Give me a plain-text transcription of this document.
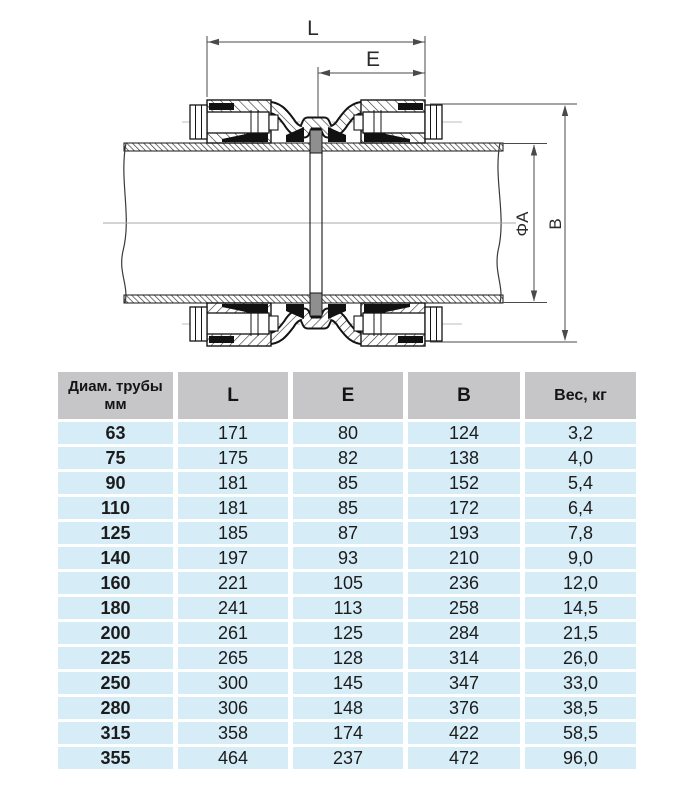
L
E
ΦA B
Диам. трубы
мм	L	E	B	Вес, кг
63	171	80	124	3,2
75	175	82	138	4,0
90	181	85	152	5,4
110	181	85	172	6,4
125	185	87	193	7,8
140	197	93	210	9,0
160	221	105	236	12,0
180	241	113	258	14,5
200	261	125	284	21,5
225	265	128	314	26,0
250	300	145	347	33,0
280	306	148	376	38,5
315	358	174	422	58,5
355	464	237	472	96,0
